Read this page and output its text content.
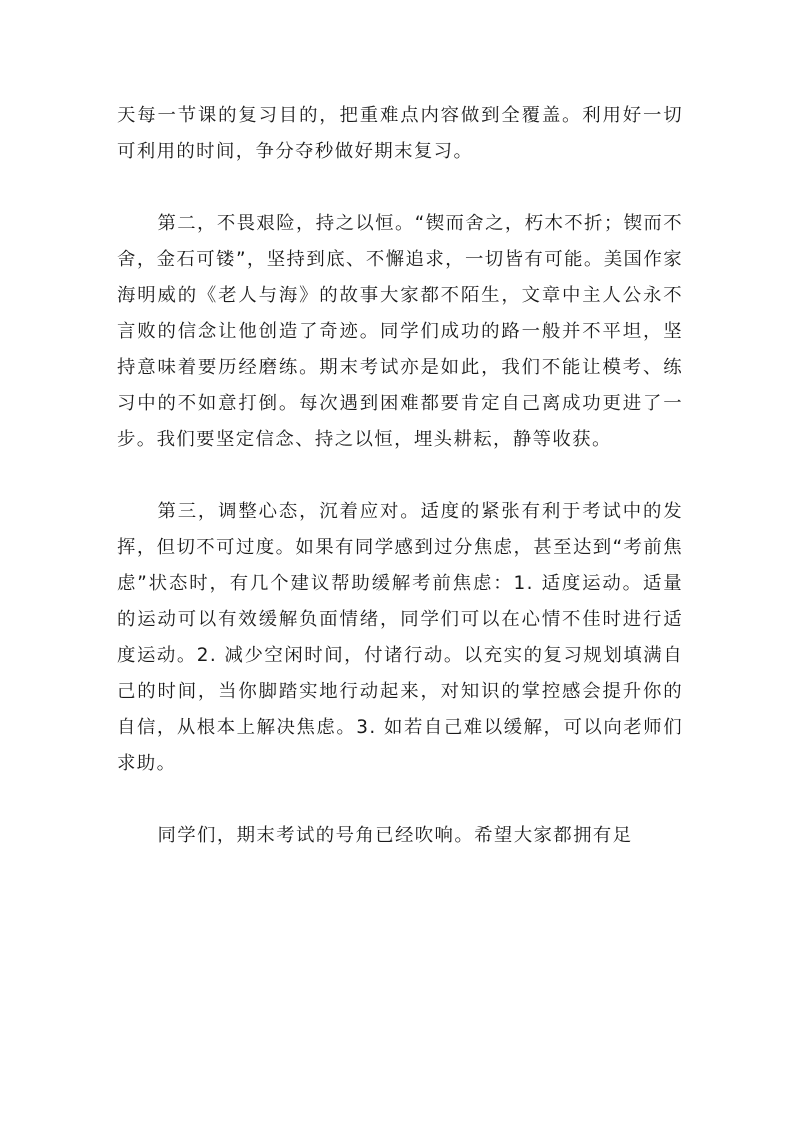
天每一节课的复习目的，把重难点内容做到全覆盖。利用好一切可利用的时间，争分夺秒做好期末复习。

第二，不畏艰险，持之以恒。“锲而舍之，朽木不折；锲而不舍，金石可镂”，坚持到底、不懈追求，一切皆有可能。美国作家海明威的《老人与海》的故事大家都不陌生，文章中主人公永不言败的信念让他创造了奇迹。同学们成功的路一般并不平坦，坚持意味着要历经磨练。期末考试亦是如此，我们不能让模考、练习中的不如意打倒。每次遇到困难都要肯定自己离成功更进了一步。我们要坚定信念、持之以恒，埋头耕耘，静等收获。

第三，调整心态，沉着应对。适度的紧张有利于考试中的发挥，但切不可过度。如果有同学感到过分焦虑，甚至达到“考前焦虑”状态时，有几个建议帮助缓解考前焦虑：1. 适度运动。适量的运动可以有效缓解负面情绪，同学们可以在心情不佳时进行适度运动。2. 减少空闲时间，付诸行动。以充实的复习规划填满自己的时间，当你脚踏实地行动起来，对知识的掌控感会提升你的自信，从根本上解决焦虑。3. 如若自己难以缓解，可以向老师们求助。

同学们，期末考试的号角已经吹响。希望大家都拥有足
